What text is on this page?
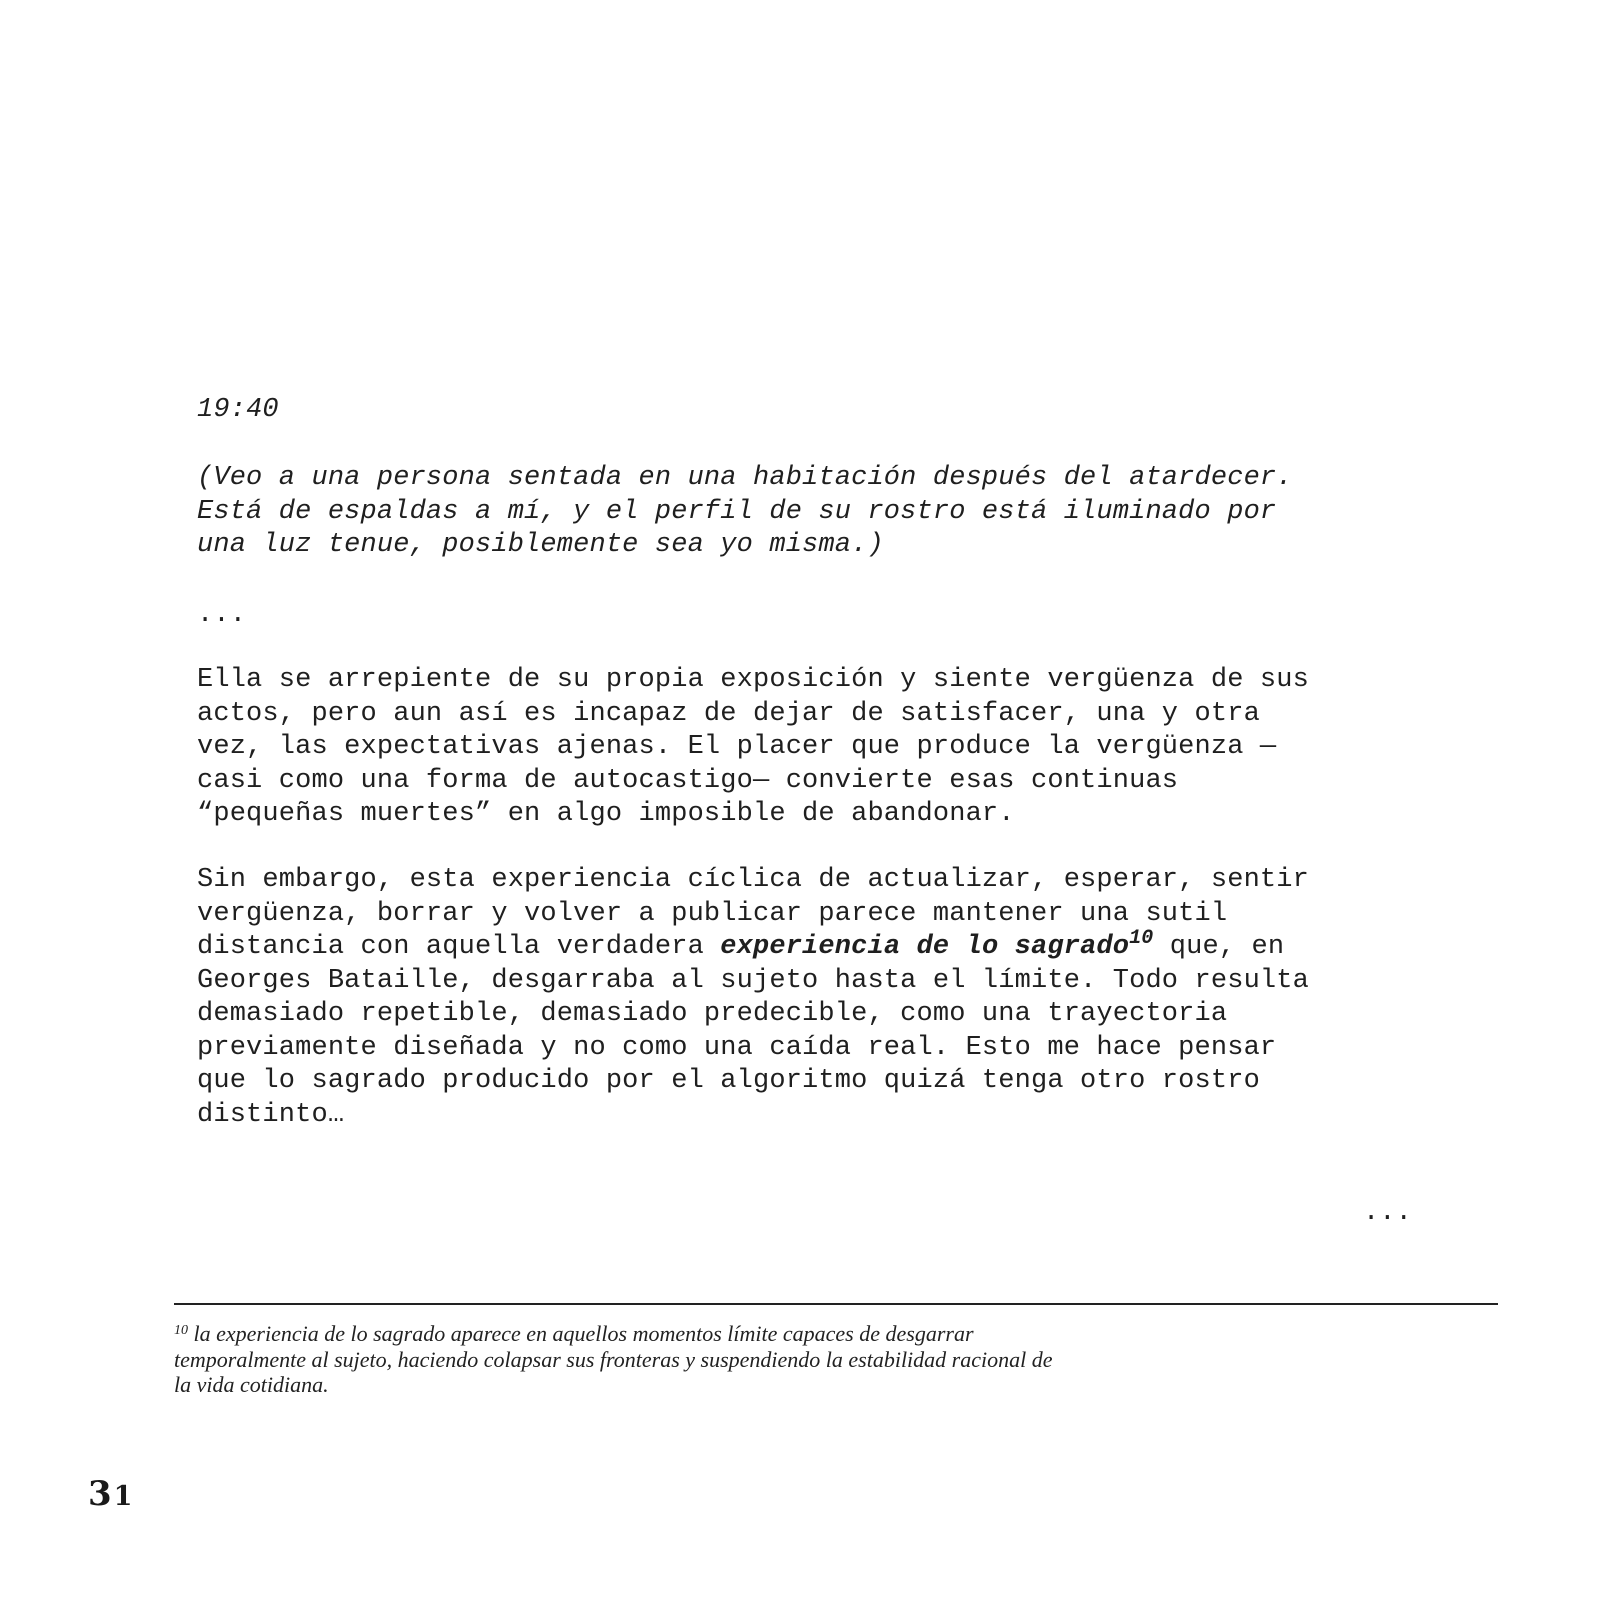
19:40

(Veo a una persona sentada en una habitación después del atardecer.
Está de espaldas a mí, y el perfil de su rostro está iluminado por
una luz tenue, posiblemente sea yo misma.)

...

Ella se arrepiente de su propia exposición y siente vergüenza de sus
actos, pero aun así es incapaz de dejar de satisfacer, una y otra
vez, las expectativas ajenas. El placer que produce la vergüenza —
casi como una forma de autocastigo— convierte esas continuas
“pequeñas muertes” en algo imposible de abandonar.

Sin embargo, esta experiencia cíclica de actualizar, esperar, sentir
vergüenza, borrar y volver a publicar parece mantener una sutil
distancia con aquella verdadera experiencia de lo sagrado$^{10}$ que, en
Georges Bataille, desgarraba al sujeto hasta el límite. Todo resulta
demasiado repetible, demasiado predecible, como una trayectoria
previamente diseñada y no como una caída real. Esto me hace pensar
que lo sagrado producido por el algoritmo quizá tenga otro rostro
distinto…

...

$^{10}$ la experiencia de lo sagrado aparece en aquellos momentos límite capaces de desgarrar
temporalmente al sujeto, haciendo colapsar sus fronteras y suspendiendo la estabilidad racional de
la vida cotidiana.

31
